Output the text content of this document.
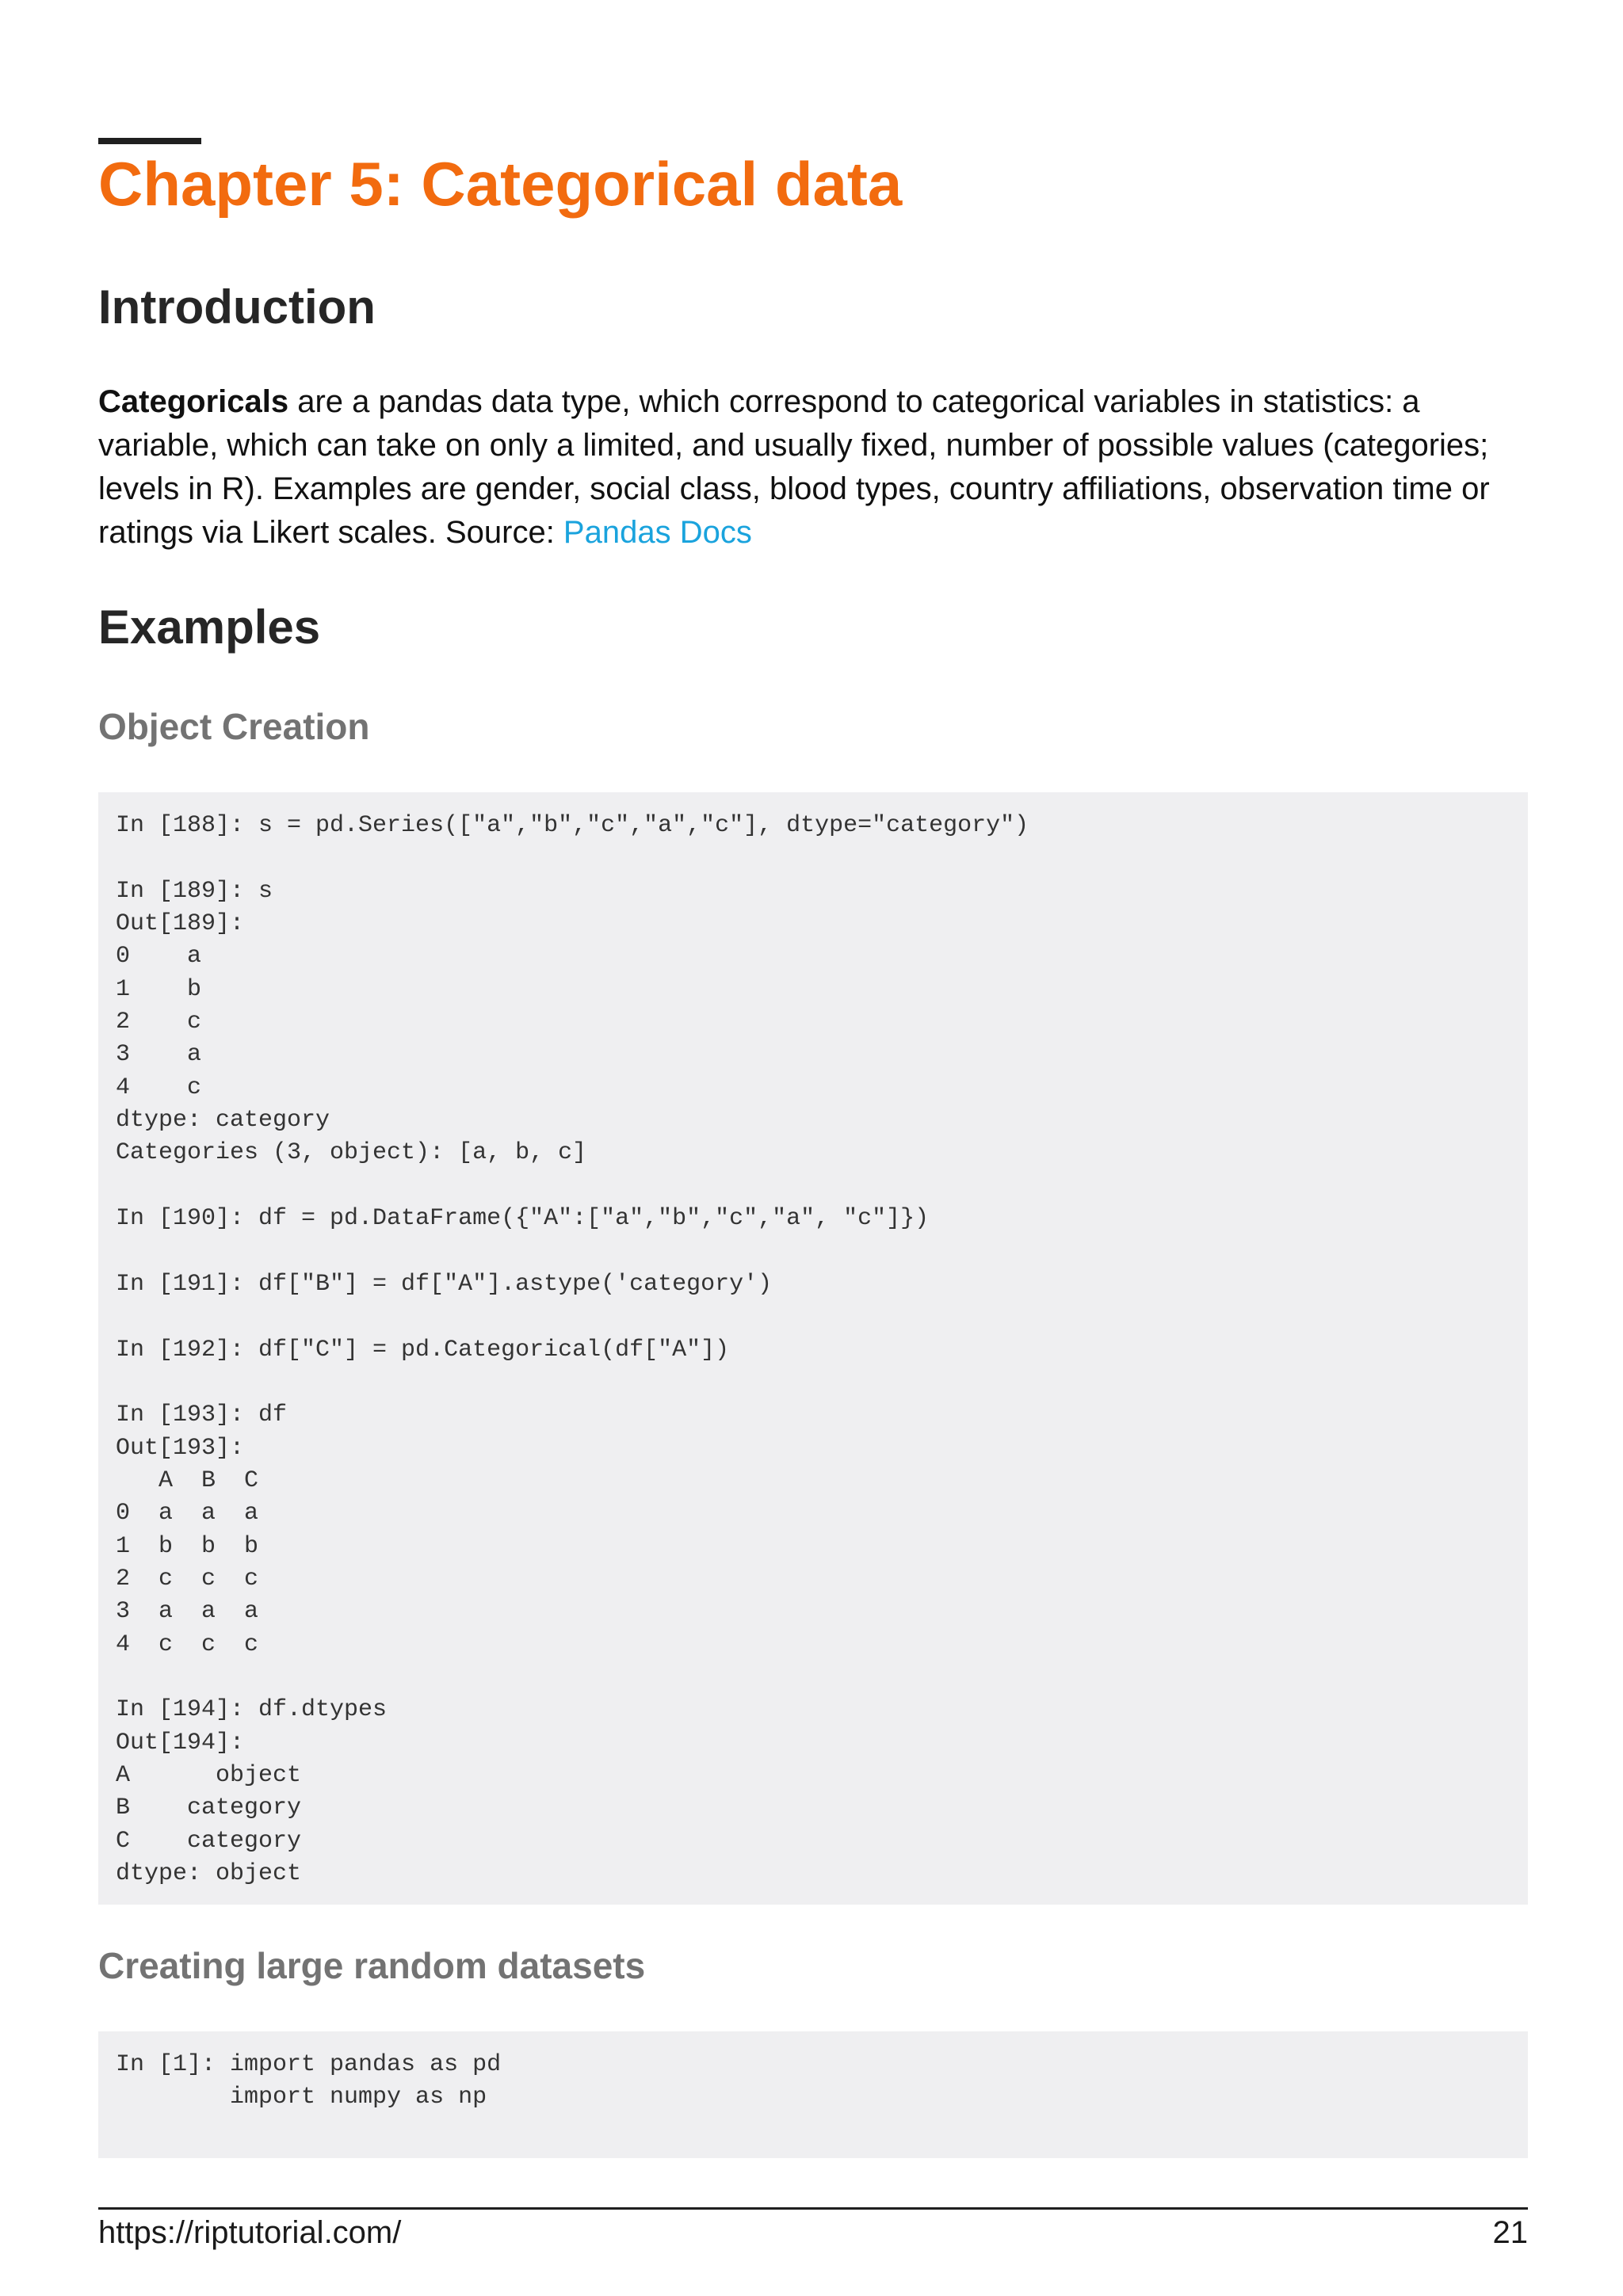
Chapter 5: Categorical data
Introduction

Categoricals are a pandas data type, which correspond to categorical variables in statistics: a variable, which can take on only a limited, and usually fixed, number of possible values (categories; levels in R). Examples are gender, social class, blood types, country affiliations, observation time or ratings via Likert scales. Source: Pandas Docs

Examples
Object Creation
In [188]: s = pd.Series(["a","b","c","a","c"], dtype="category")
In [189]: s
Out[189]:
0    a
1    b
2    c
3    a
4    c
dtype: category
Categories (3, object): [a, b, c]
In [190]: df = pd.DataFrame({"A":["a","b","c","a", "c"]})
In [191]: df["B"] = df["A"].astype('category')
In [192]: df["C"] = pd.Categorical(df["A"])
In [193]: df
Out[193]:
A  B  C
0  a  a  a
1  b  b  b
2  c  c  c
3  a  a  a
4  c  c  c
In [194]: df.dtypes
Out[194]:
A      object
B    category
C    category
dtype: object
Creating large random datasets
In [1]: import pandas as pd
import numpy as np
https://riptutorial.com/	21
